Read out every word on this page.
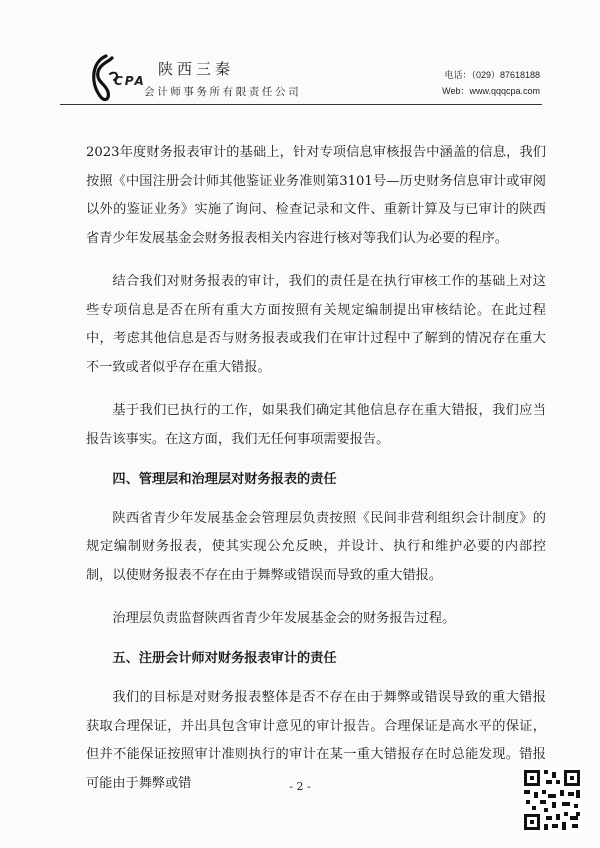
CPA
陕西三秦
会计师事务所有限责任公司
电话：（029）87618188
Web：www.qqqcpa.com

2023年度财务报表审计的基础上，针对专项信息审核报告中涵盖的信息，我们按照《中国注册会计师其他鉴证业务准则第3101号—历史财务信息审计或审阅以外的鉴证业务》实施了询问、检查记录和文件、重新计算及与已审计的陕西省青少年发展基金会财务报表相关内容进行核对等我们认为必要的程序。

结合我们对财务报表的审计，我们的责任是在执行审核工作的基础上对这些专项信息是否在所有重大方面按照有关规定编制提出审核结论。在此过程中，考虑其他信息是否与财务报表或我们在审计过程中了解到的情况存在重大不一致或者似乎存在重大错报。

基于我们已执行的工作，如果我们确定其他信息存在重大错报，我们应当报告该事实。在这方面，我们无任何事项需要报告。

四、管理层和治理层对财务报表的责任

陕西省青少年发展基金会管理层负责按照《民间非营利组织会计制度》的规定编制财务报表，使其实现公允反映，并设计、执行和维护必要的内部控制，以使财务报表不存在由于舞弊或错误而导致的重大错报。

治理层负责监督陕西省青少年发展基金会的财务报告过程。

五、注册会计师对财务报表审计的责任

我们的目标是对财务报表整体是否不存在由于舞弊或错误导致的重大错报获取合理保证，并出具包含审计意见的审计报告。合理保证是高水平的保证，但并不能保证按照审计准则执行的审计在某一重大错报存在时总能发现。错报可能由于舞弊或错	- 2 -
